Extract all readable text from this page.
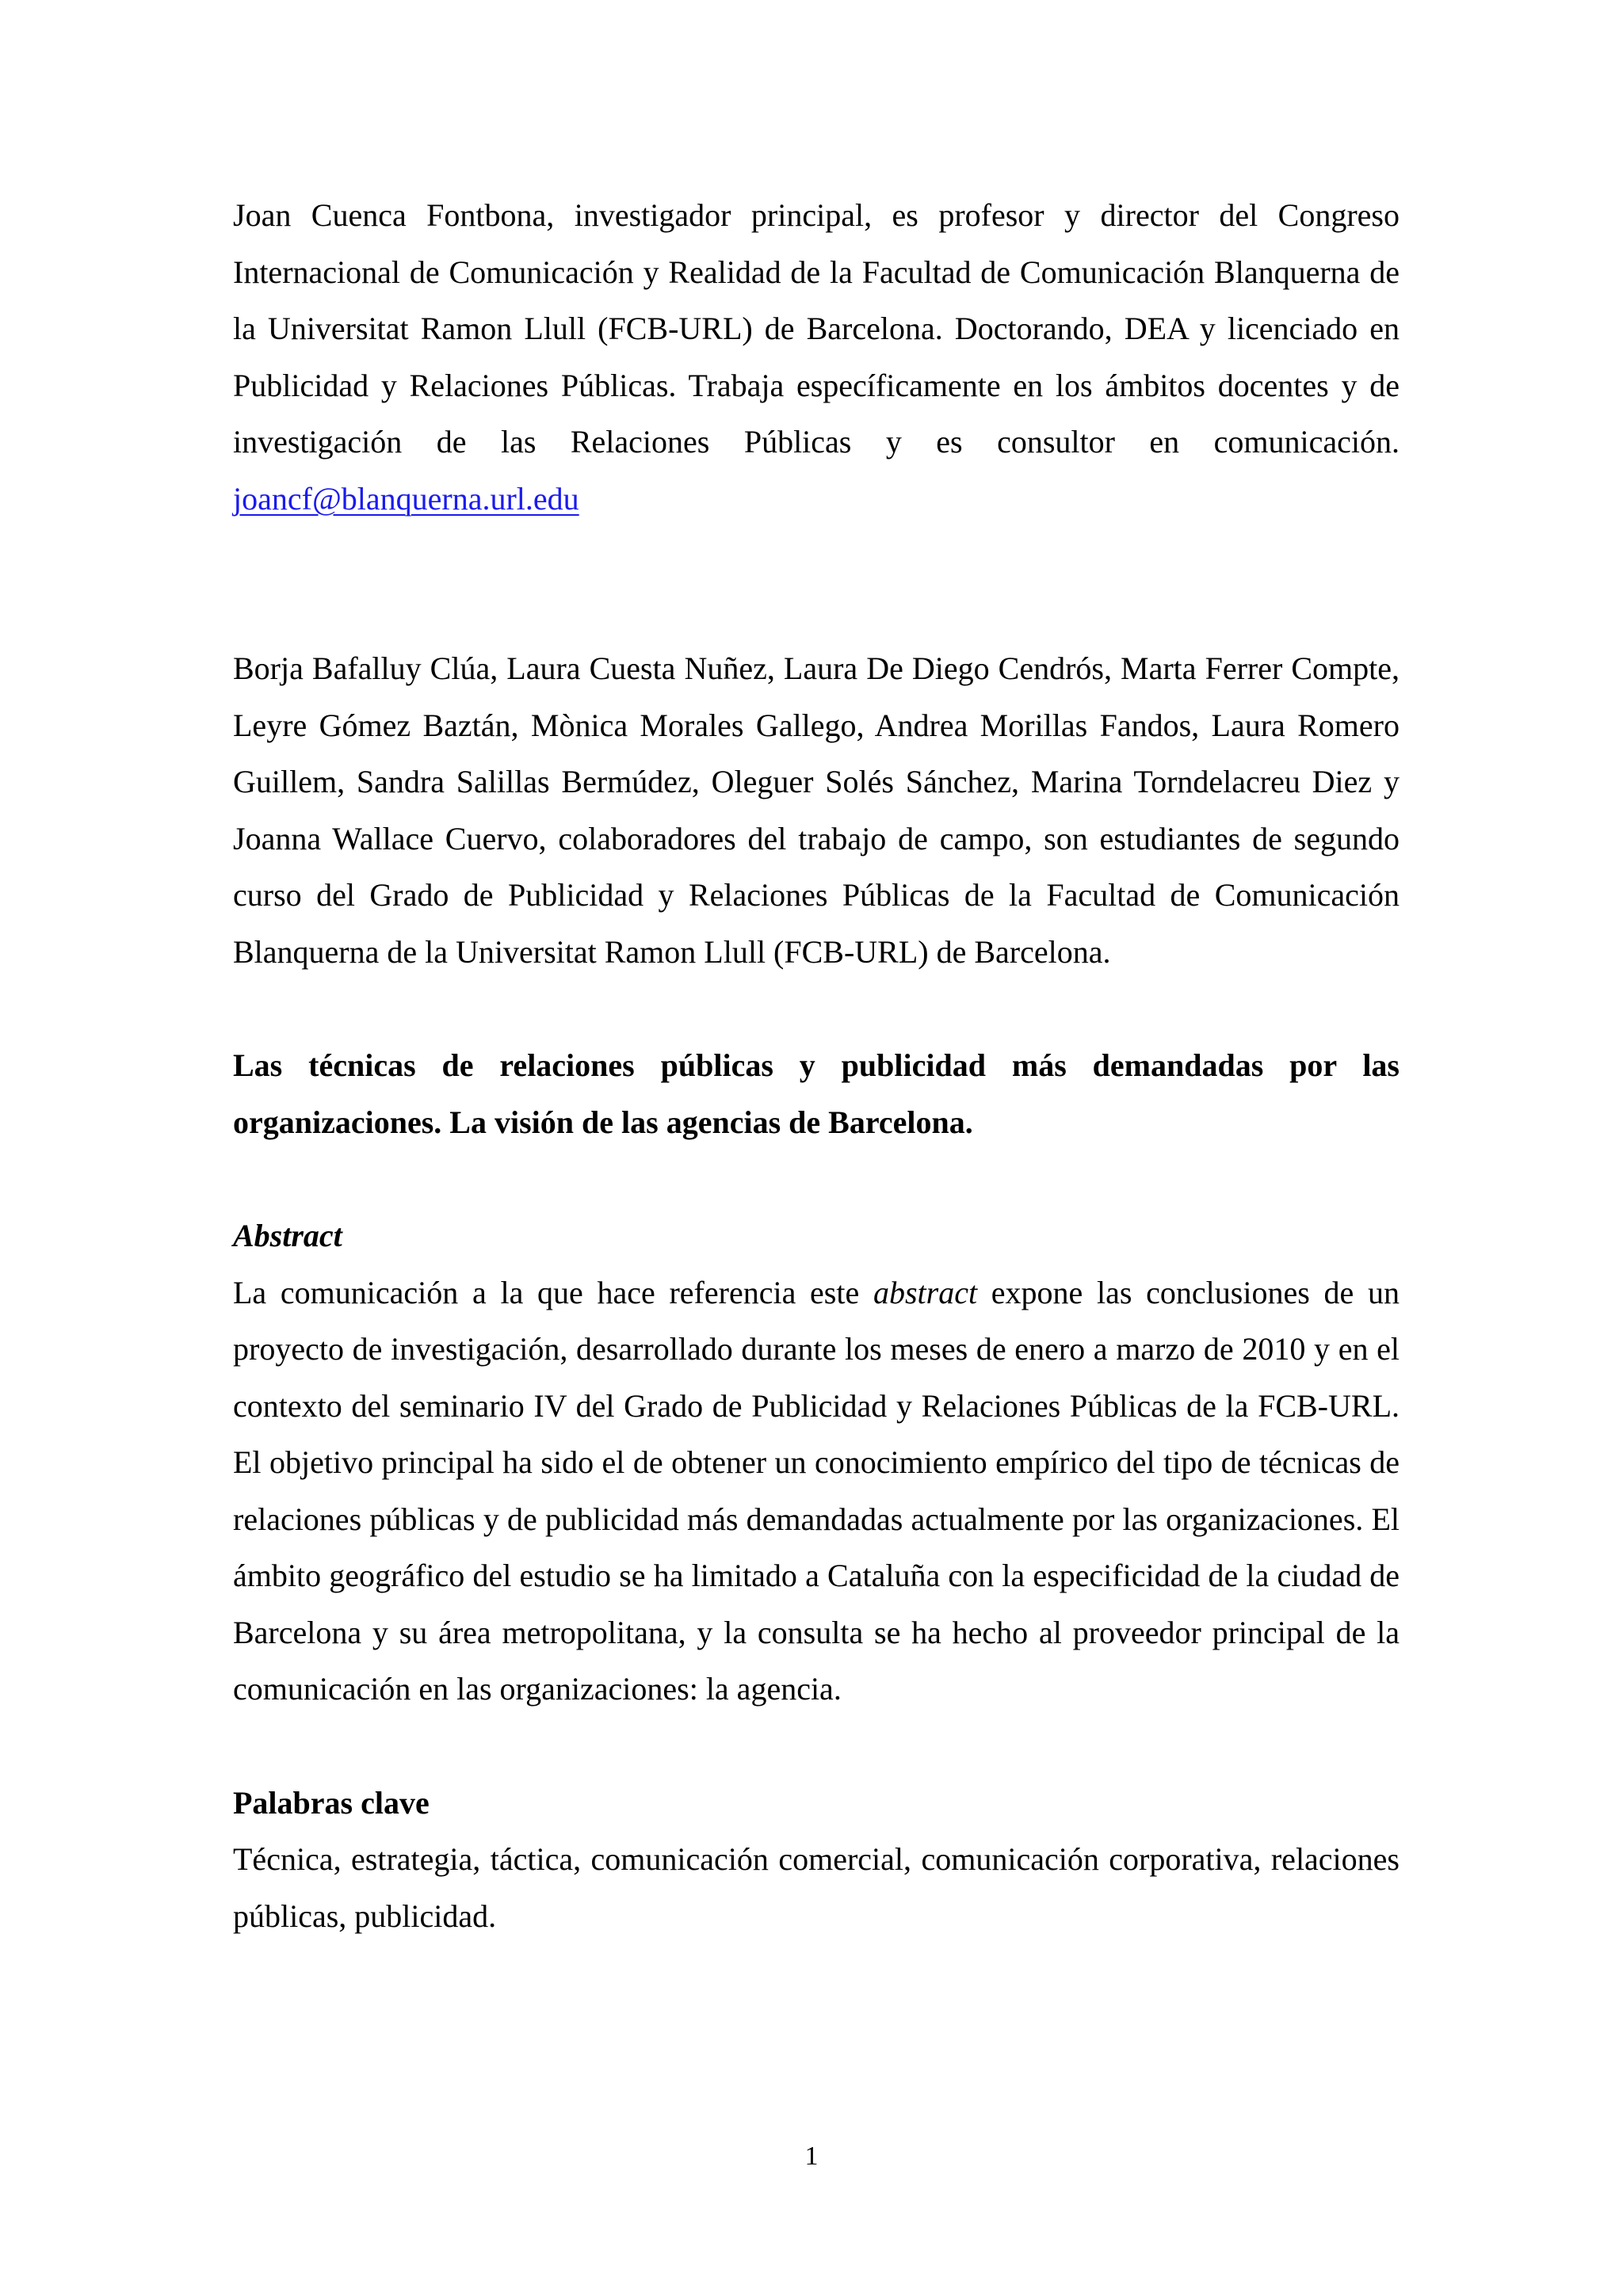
Joan Cuenca Fontbona, investigador principal, es profesor y director del Congreso Internacional de Comunicación y Realidad de la Facultad de Comunicación Blanquerna de la Universitat Ramon Llull (FCB-URL) de Barcelona. Doctorando, DEA y licenciado en Publicidad y Relaciones Públicas. Trabaja específicamente en los ámbitos docentes y de investigación de las Relaciones Públicas y es consultor en comunicación. joancf@blanquerna.url.edu

Borja Bafalluy Clúa, Laura Cuesta Nuñez, Laura De Diego Cendrós, Marta Ferrer Compte, Leyre Gómez Baztán, Mònica Morales Gallego, Andrea Morillas Fandos, Laura Romero Guillem, Sandra Salillas Bermúdez, Oleguer Solés Sánchez, Marina Torndelacreu Diez y Joanna Wallace Cuervo, colaboradores del trabajo de campo, son estudiantes de segundo curso del Grado de Publicidad y Relaciones Públicas de la Facultad de Comunicación Blanquerna de la Universitat Ramon Llull (FCB-URL) de Barcelona.

Las técnicas de relaciones públicas y publicidad más demandadas por las organizaciones. La visión de las agencias de Barcelona.

Abstract

La comunicación a la que hace referencia este abstract expone las conclusiones de un proyecto de investigación, desarrollado durante los meses de enero a marzo de 2010 y en el contexto del seminario IV del Grado de Publicidad y Relaciones Públicas de la FCB-URL. El objetivo principal ha sido el de obtener un conocimiento empírico del tipo de técnicas de relaciones públicas y de publicidad más demandadas actualmente por las organizaciones. El ámbito geográfico del estudio se ha limitado a Cataluña con la especificidad de la ciudad de Barcelona y su área metropolitana, y la consulta se ha hecho al proveedor principal de la comunicación en las organizaciones: la agencia.

Palabras clave

Técnica, estrategia, táctica, comunicación comercial, comunicación corporativa, relaciones públicas, publicidad.

1
